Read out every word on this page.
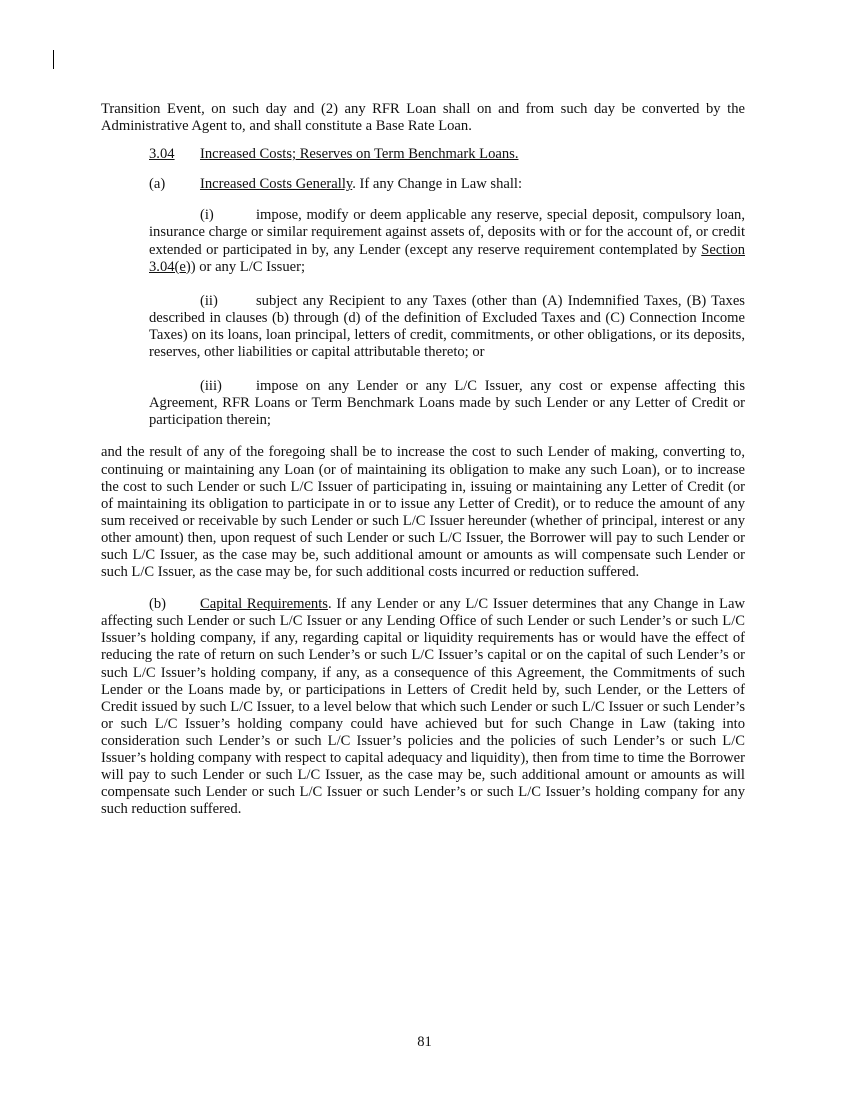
Transition Event, on such day and (2) any RFR Loan shall on and from such day be converted by the Administrative Agent to, and shall constitute a Base Rate Loan.

3.04 Increased Costs; Reserves on Term Benchmark Loans.

(a) Increased Costs Generally. If any Change in Law shall:

(i)	impose, modify or deem applicable any reserve, special deposit, compulsory loan, insurance charge or similar requirement against assets of, deposits with or for the account of, or credit extended or participated in by, any Lender (except any reserve requirement contemplated by Section 3.04(e)) or any L/C Issuer;

(ii)	subject any Recipient to any Taxes (other than (A) Indemnified Taxes, (B) Taxes described in clauses (b) through (d) of the definition of Excluded Taxes and (C) Connection Income Taxes) on its loans, loan principal, letters of credit, commitments, or other obligations, or its deposits, reserves, other liabilities or capital attributable thereto; or

(iii) impose on any Lender or any L/C Issuer, any cost or expense affecting this Agreement, RFR Loans or Term Benchmark Loans made by such Lender or any Letter of Credit or participation therein;

and the result of any of the foregoing shall be to increase the cost to such Lender of making, converting to, continuing or maintaining any Loan (or of maintaining its obligation to make any such Loan), or to increase the cost to such Lender or such L/C Issuer of participating in, issuing or maintaining any Letter of Credit (or of maintaining its obligation to participate in or to issue any Letter of Credit), or to reduce the amount of any sum received or receivable by such Lender or such L/C Issuer hereunder (whether of principal, interest or any other amount) then, upon request of such Lender or such L/C Issuer, the Borrower will pay to such Lender or such L/C Issuer, as the case may be, such additional amount or amounts as will compensate such Lender or such L/C Issuer, as the case may be, for such additional costs incurred or reduction suffered.

(b) Capital Requirements. If any Lender or any L/C Issuer determines that any Change in Law affecting such Lender or such L/C Issuer or any Lending Office of such Lender or such Lender’s or such L/C Issuer’s holding company, if any, regarding capital or liquidity requirements has or would have the effect of reducing the rate of return on such Lender’s or such L/C Issuer’s capital or on the capital of such Lender’s or such L/C Issuer’s holding company, if any, as a consequence of this Agreement, the Commitments of such Lender or the Loans made by, or participations in Letters of Credit held by, such Lender, or the Letters of Credit issued by such L/C Issuer, to a level below that which such Lender or such L/C Issuer or such Lender’s or such L/C Issuer’s holding company could have achieved but for such Change in Law (taking into consideration such Lender’s or such L/C Issuer’s policies and the policies of such Lender’s or such L/C Issuer’s holding company with respect to capital adequacy and liquidity), then from time to time the Borrower will pay to such Lender or such L/C Issuer, as the case may be, such additional amount or amounts as will compensate such Lender or such L/C Issuer or such Lender’s or such L/C Issuer’s holding company for any such reduction suffered.

81
